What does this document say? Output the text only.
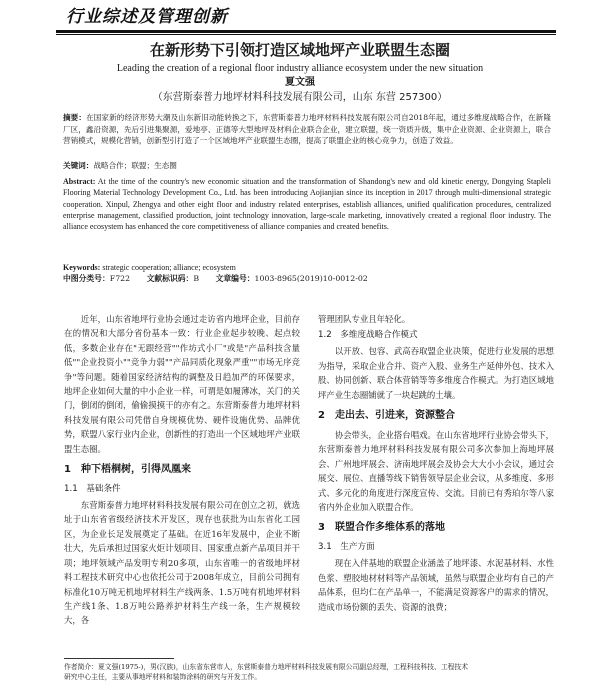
行业综述及管理创新
在新形势下引领打造区域地坪产业联盟生态圈
Leading the creation of a regional floor industry alliance ecosystem under the new situation
夏文强
（东营斯泰普力地坪材料科技发展有限公司，山东 东营 257300）
摘要：在国家新的经济形势大潮及山东新旧动能转换之下，东营斯泰普力地坪材料科技发展有限公司自2018年起，通过多维度战略合作，在新隆厂区，鑫沿资源，先后引进集聚源，爱地亭、正德等大型地坪及材料企业联合企业，建立联盟，统一资质升级，集中企业资源、企业资源上，联合营销模式，规模化营销，创新型引打造了一个区域地坪产业联盟生态圈，提高了联盟企业的核心竞争力，创造了效益。
关键词：战略合作；联盟；生态圈
Abstract: At the time of the country's new economic situation and the transformation of Shandong's new and old kinetic energy, Dongying Stapleli Flooring Material Technology Development Co., Ltd. has been introducing Aojianjian since its inception in 2017 through multi-dimensional strategic cooperation. Xinpul, Zhengya and other eight floor and industry related enterprises, establish alliances, unified qualification procedures, centralized enterprise management, classified production, joint technology innovation, large-scale marketing, innovatively created a regional floor industry. The alliance ecosystem has enhanced the core competitiveness of alliance companies and created benefits.
Keywords: strategic cooperation; alliance; ecosystem
中图分类号：F722 文献标识码：B 文章编号：1003-8965(2019)10-0012-02

近年，山东省地坪行业协会通过走访省内地坪企业，目前存在的情况和大部分省份基本一致：行业企业起步较晚、起点较低，多数企业存在"无跟经营""作坊式小厂"或是"产品科技含量低""企业投资小""竞争力弱""产品同质化现象严重""市场无序竞争"等问题。随着国家经济结构的调整及日趋加严的环保要求，地坪企业如何大量的中小企业一样，可谓是如履薄冰，关门的关门，倒闭的倒闭，偷偷摸摸干的亦有之。东营斯泰普力地坪材料科技发展有限公司凭借自身规模优势、硬件设施优势、品牌优势，联盟八家行业内企业，创新性的打造出一个区域地坪产业联盟生态圈。

1　种下梧桐树，引得凤凰来
1.1　基础条件

东营斯泰普力地坪材料科技发展有限公司在创立之初，就选址于山东省省级经济技术开发区，现存也获批为山东省化工园区，为企业长足发展奠定了基础。在近16年发展中，企业不断壮大，先后承担过国家火炬计划项目、国家重点新产品项目并干项；地坪领域产品发明专利20多项，山东省唯一的省级地坪材料工程技术研究中心也依托公司于2008年成立，目前公司拥有标准化10万吨无机地坪材料生产线两条、1.5万吨有机地坪材料生产线1条、1.8万吨公路养护材料生产线一条，生产规模较大，各

管理团队专业且年轻化。

1.2　多维度战略合作模式

以开放、包容、武高吞取盟企业决策，促进行业发展的思想为指导，采取企业合并、资产入股、业务生产延伸外包、技术入股、协同创新、联合体营销等等多维度合作模式。为打造区域地坪产业生态圈铺就了一块起跳的土壤。

2　走出去、引进来，资源整合

协会带头，企业搭台唱戏。在山东省地坪行业协会带头下，东营斯泰普力地坪材料科技发展有限公司多次参加上海地坪展会、广州地坪展会、济南地坪展会及协会大大小小会议，通过会展交、展位、直播等线下销售领导层企业会议，从多维度、多形式、多元化的角度进行深度宣传、交流。目前已有秀珀尔等八家省内外企业加入联盟合作。

3　联盟合作多维体系的落地
3.1　生产方面

现在入伴基地的联盟企业涵盖了地坪漆、水泥基材料、水性色浆、塑胶地材材料等产品领域，虽然与联盟企业均有自己的产品体系，但均仁在产品单一，不能满足资源客户的需求的情况，造成市场份额的丢失、资源的浪费；

作者简介：夏文强(1975-)，男(汉族)，山东省东营市人，东营斯泰普力地坪材料科技发展有限公司副总经理，工程科技科技、工程技术
研究中心主任，主要从事地坪材料和装饰涂料的研究与开发工作。
